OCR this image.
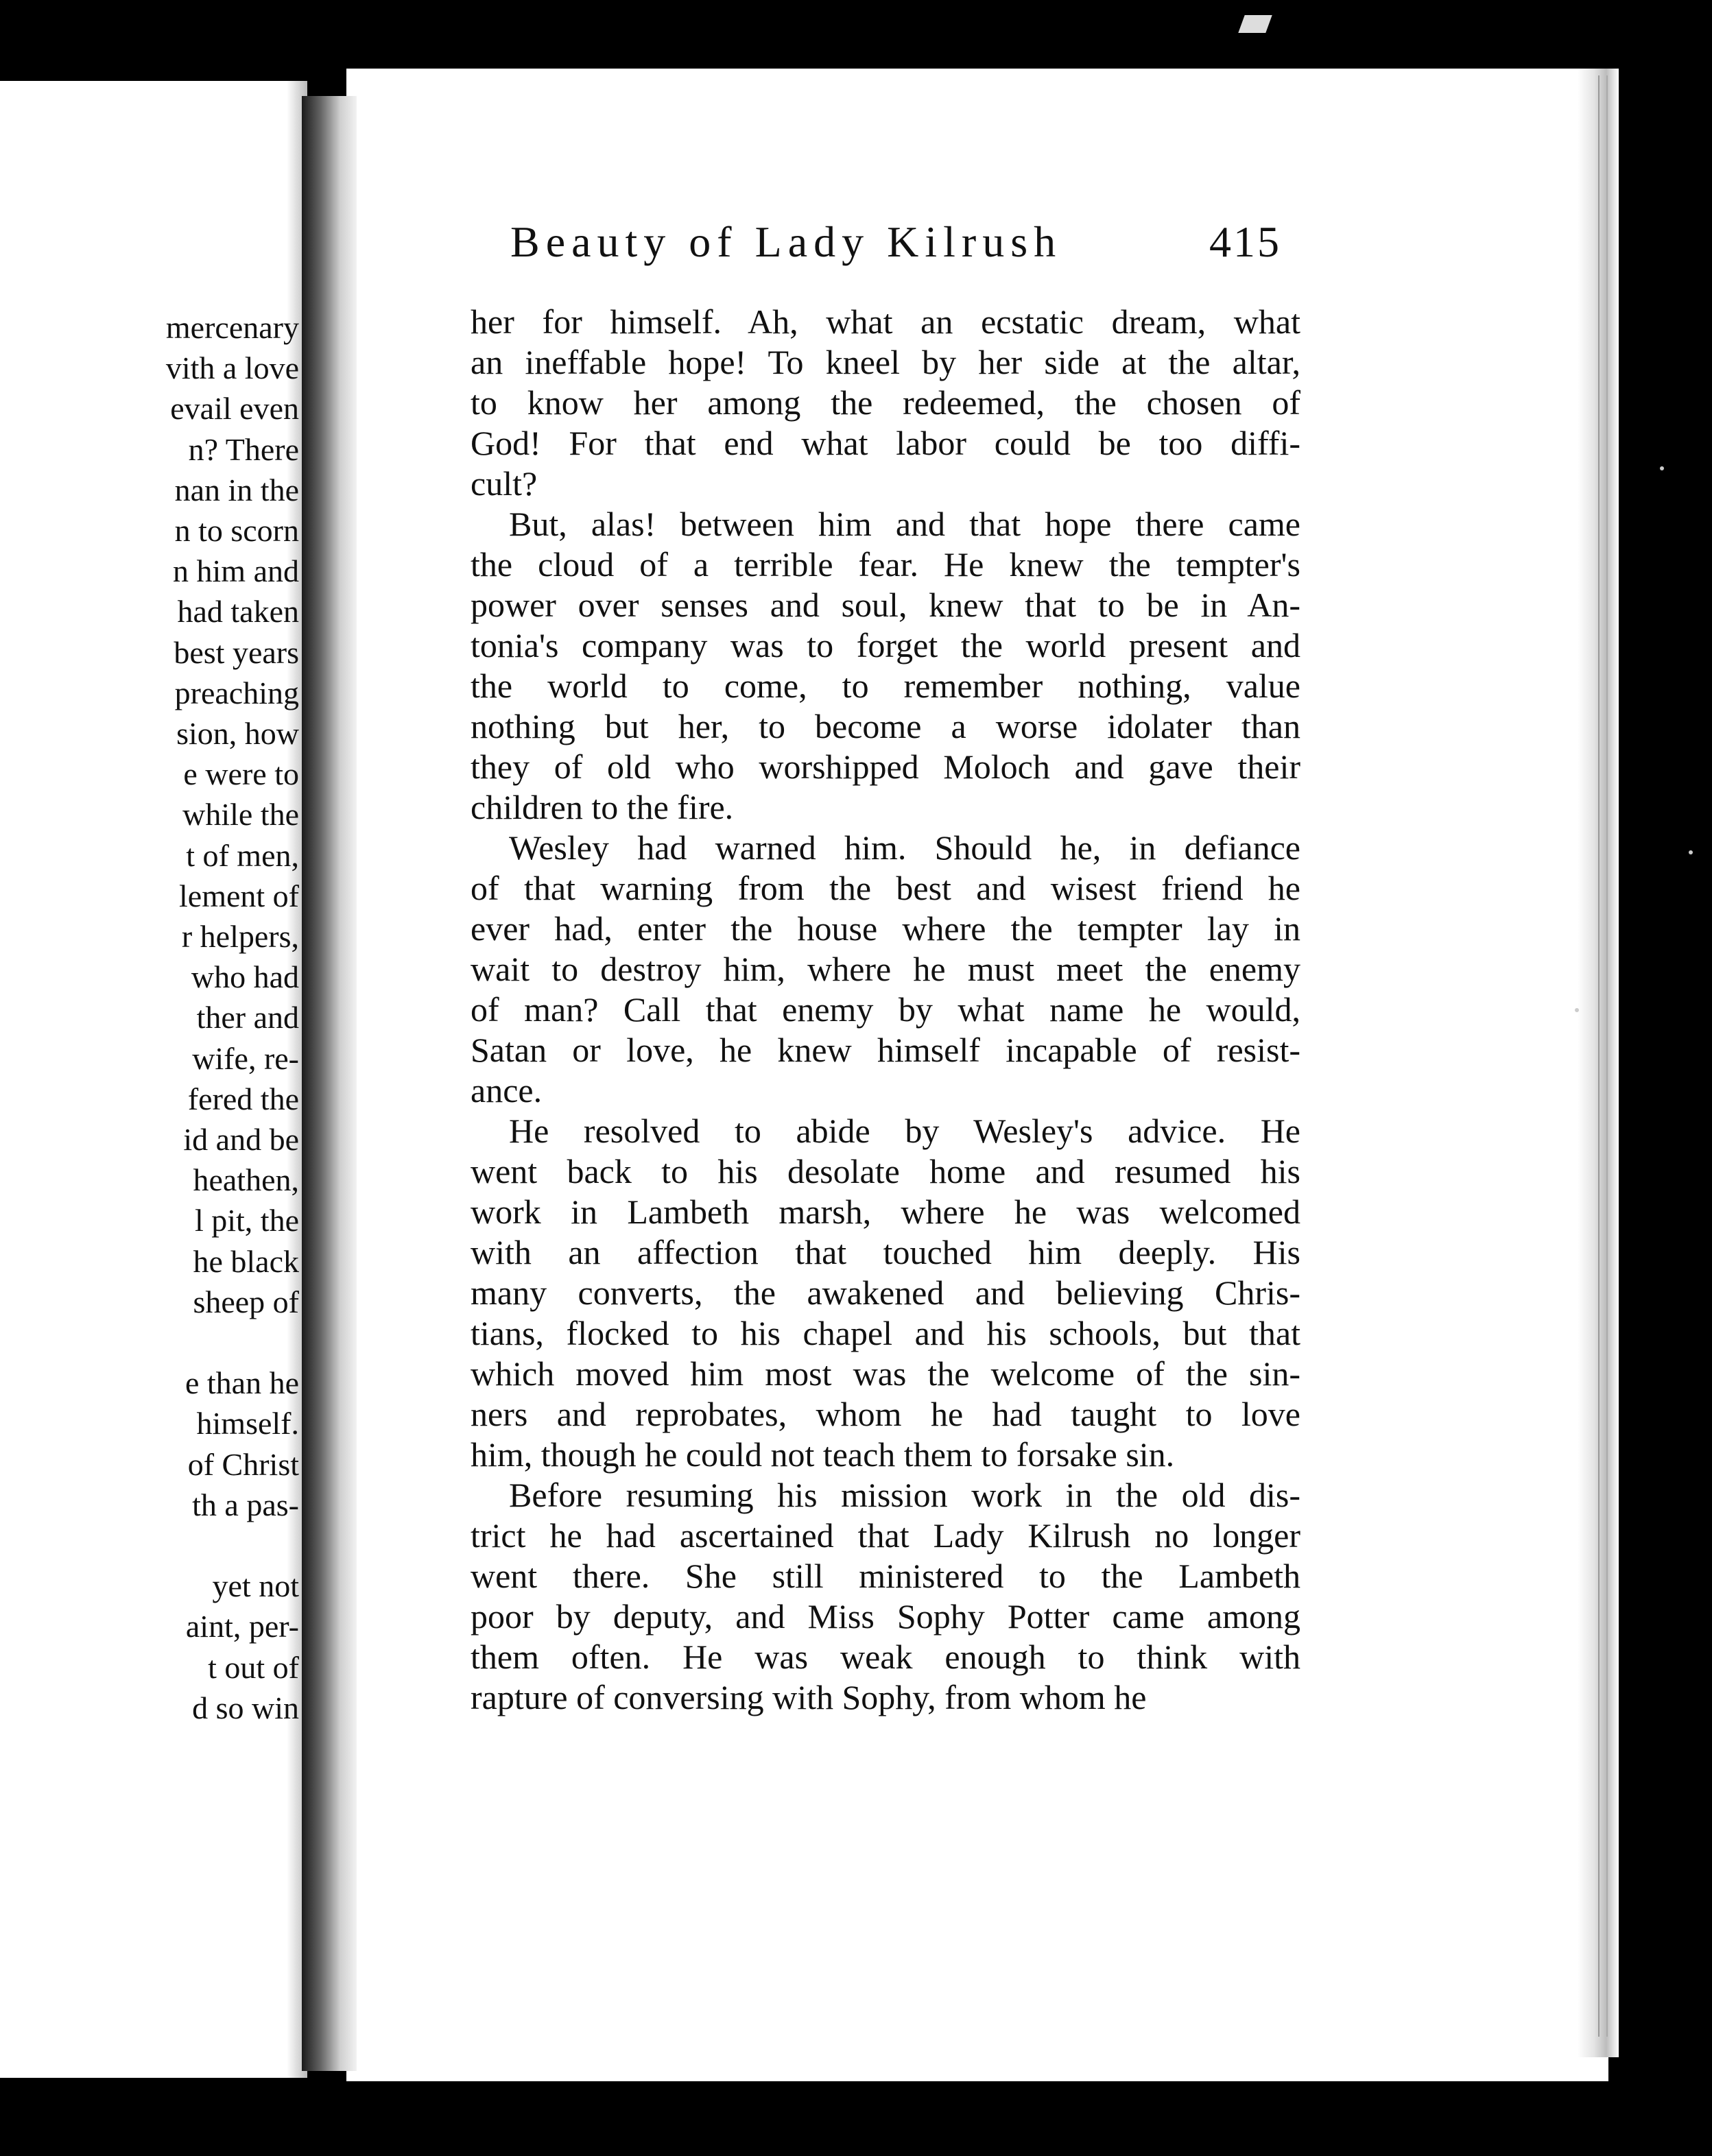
mercenary
vith a love
evail even
n? There
nan in the
n to scorn
n him and
had taken
best years
preaching
sion, how
e were to
while the
t of men,
lement of
r helpers,
who had
ther and
wife, re-
fered the
id and be
heathen,
l pit, the
he black
sheep of
e than he
himself.
of Christ
th a pas-
yet not
aint, per-
t out of
d so win
Beauty of Lady Kilrush	415
her for himself. Ah, what an ecstatic dream, what
an ineffable hope! To kneel by her side at the altar,
to know her among the redeemed, the chosen of
God! For that end what labor could be too diffi-
cult?
But, alas! between him and that hope there came
the cloud of a terrible fear. He knew the tempter's
power over senses and soul, knew that to be in An-
tonia's company was to forget the world present and
the world to come, to remember nothing, value
nothing but her, to become a worse idolater than
they of old who worshipped Moloch and gave their
children to the fire.
Wesley had warned him. Should he, in defiance
of that warning from the best and wisest friend he
ever had, enter the house where the tempter lay in
wait to destroy him, where he must meet the enemy
of man? Call that enemy by what name he would,
Satan or love, he knew himself incapable of resist-
ance.
He resolved to abide by Wesley's advice. He
went back to his desolate home and resumed his
work in Lambeth marsh, where he was welcomed
with an affection that touched him deeply. His
many converts, the awakened and believing Chris-
tians, flocked to his chapel and his schools, but that
which moved him most was the welcome of the sin-
ners and reprobates, whom he had taught to love
him, though he could not teach them to forsake sin.
Before resuming his mission work in the old dis-
trict he had ascertained that Lady Kilrush no longer
went there. She still ministered to the Lambeth
poor by deputy, and Miss Sophy Potter came among
them often. He was weak enough to think with
rapture of conversing with Sophy, from whom he
